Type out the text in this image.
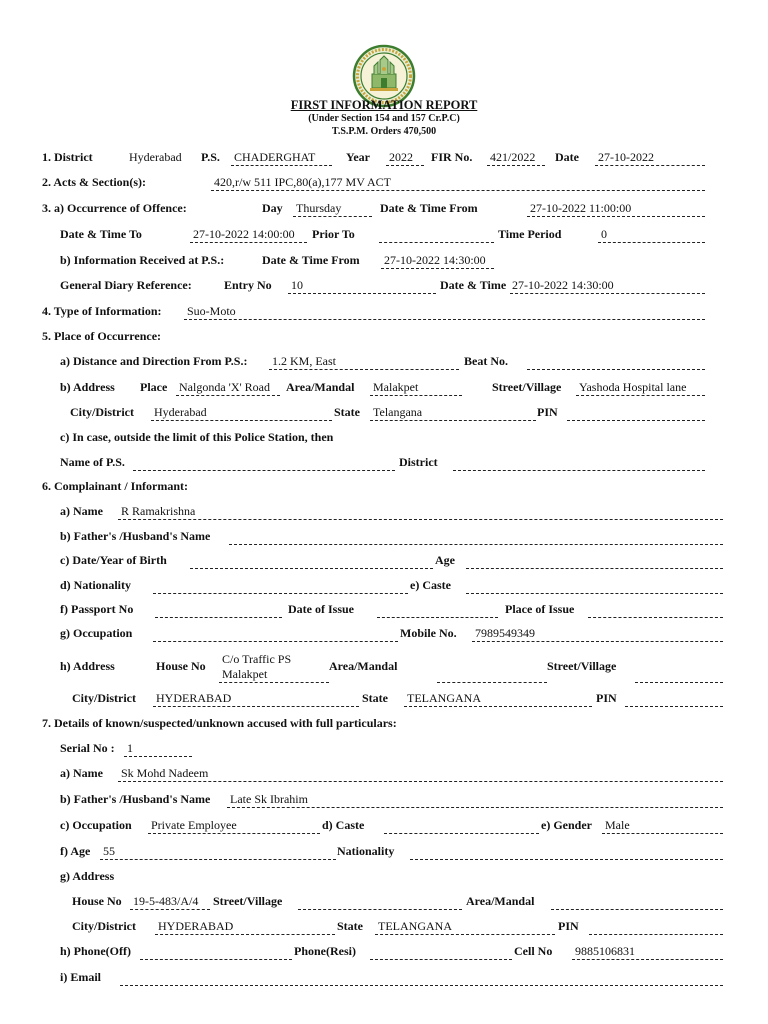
FIRST INFORMATION REPORT
(Under Section 154 and 157 Cr.P.C)
T.S.P.M. Orders 470,500
1. District	Hyderabad P.S. CHADERGHAT	Year 2022 FIR No. 421/2022 Date 27-10-2022
2. Acts & Section(s):	420,r/w 511 IPC,80(a),177 MV ACT
3. a) Occurrence of Offence:	Day Thursday	Date & Time From	27-10-2022 11:00:00
Date & Time To	27-10-2022 14:00:00 Prior To	Time Period	0
b) Information Received at P.S.:	Date & Time From 27-10-2022 14:30:00
General Diary Reference:	Entry No 10	Date & Time 27-10-2022 14:30:00
4. Type of Information: Suo-Moto
5. Place of Occurrence:
a) Distance and Direction From P.S.: 1.2 KM, East	Beat No.
b) Address Place Nalgonda 'X' Road Area/Mandal Malakpet	Street/Village Yashoda Hospital lane
City/District Hyderabad	State Telangana	PIN
c) In case, outside the limit of this Police Station, then
Name of P.S.	District
6. Complainant / Informant:
a) Name R Ramakrishna
b) Father's /Husband's Name
c) Date/Year of Birth	Age
d) Nationality	e) Caste
f) Passport No	Date of Issue	Place of Issue
g) Occupation	Mobile No. 7989549349
h) Address	House No C/o Traffic PS
Malakpet
Area/Mandal	Street/Village
City/District HYDERABAD	State TELANGANA	PIN
7. Details of known/suspected/unknown accused with full particulars:
Serial No : 1
a) Name Sk Mohd Nadeem
b) Father's /Husband's Name Late Sk Ibrahim
c) Occupation Private Employee	d) Caste	e) Gender Male
f) Age 55	Nationality
g) Address
House No 19-5-483/A/4 Street/Village	Area/Mandal
City/District HYDERABAD	State TELANGANA	PIN
h) Phone(Off)	Phone(Resi)	Cell No 9885106831
i) Email
